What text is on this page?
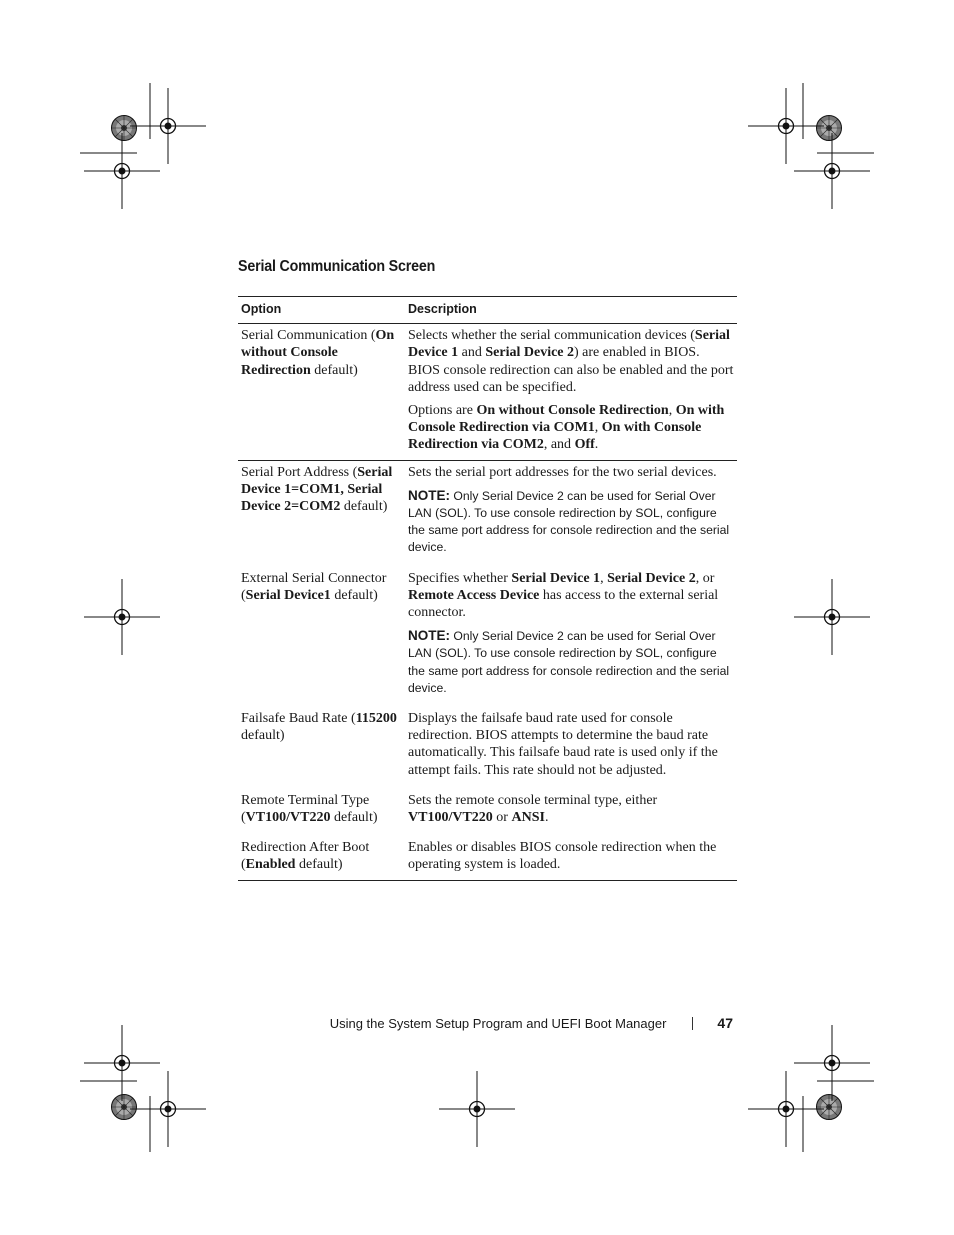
Serial Communication Screen
Option	Description

Serial Communication (On without Console Redirection default)	Selects whether the serial communication devices (Serial Device 1 and Serial Device 2) are enabled in BIOS. BIOS console redirection can also be enabled and the port address used can be specified.

Options are On without Console Redirection, On with Console Redirection via COM1, On with Console Redirection via COM2, and Off.

Serial Port Address (Serial Device 1=COM1, Serial Device 2=COM2 default)	Sets the serial port addresses for the two serial devices.

NOTE: Only Serial Device 2 can be used for Serial Over LAN (SOL). To use console redirection by SOL, configure the same port address for console redirection and the serial device.

External Serial Connector (Serial Device1 default)	Specifies whether Serial Device 1, Serial Device 2, or Remote Access Device has access to the external serial connector.

NOTE: Only Serial Device 2 can be used for Serial Over LAN (SOL). To use console redirection by SOL, configure the same port address for console redirection and the serial device.

Failsafe Baud Rate (115200 default)	Displays the failsafe baud rate used for console redirection. BIOS attempts to determine the baud rate automatically. This failsafe baud rate is used only if the attempt fails. This rate should not be adjusted.

Remote Terminal Type (VT100/VT220 default)	Sets the remote console terminal type, either VT100/VT220 or ANSI.

Redirection After Boot (Enabled default)	Enables or disables BIOS console redirection when the operating system is loaded.

Using the System Setup Program and UEFI Boot Manager	47
